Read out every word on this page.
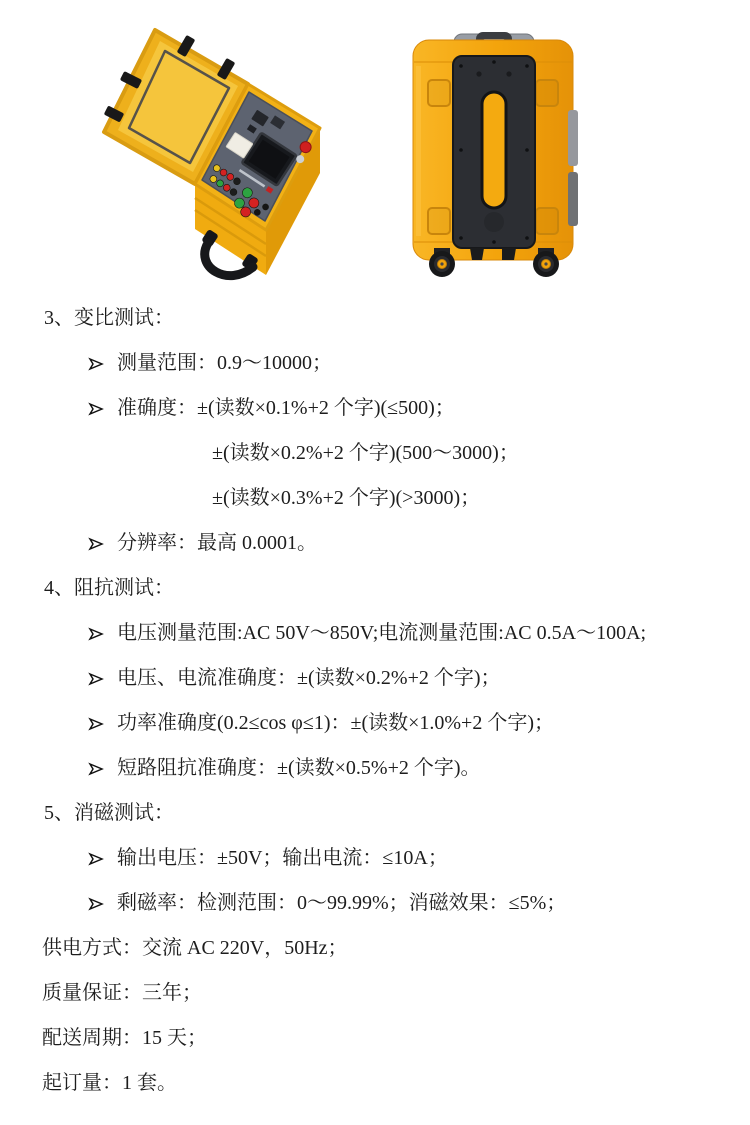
3、变比测试：
测量范围：0.9～10000；
准确度：±(读数×0.1%+2 个字)(≤500)；
±(读数×0.2%+2 个字)(500～3000)；
±(读数×0.3%+2 个字)(>3000)；
分辨率：最高 0.0001。
4、阻抗测试：
电压测量范围:AC 50V～850V;电流测量范围:AC 0.5A～100A;
电压、电流准确度：±(读数×0.2%+2 个字)；
功率准确度(0.2≤cos φ≤1)：±(读数×1.0%+2 个字)；
短路阻抗准确度：±(读数×0.5%+2 个字)。
5、消磁测试：
输出电压：±50V；输出电流：≤10A；
剩磁率：检测范围：0～99.99%；消磁效果：≤5%；
供电方式：交流 AC 220V，50Hz；
质量保证：三年；
配送周期：15 天；
起订量：1 套。
